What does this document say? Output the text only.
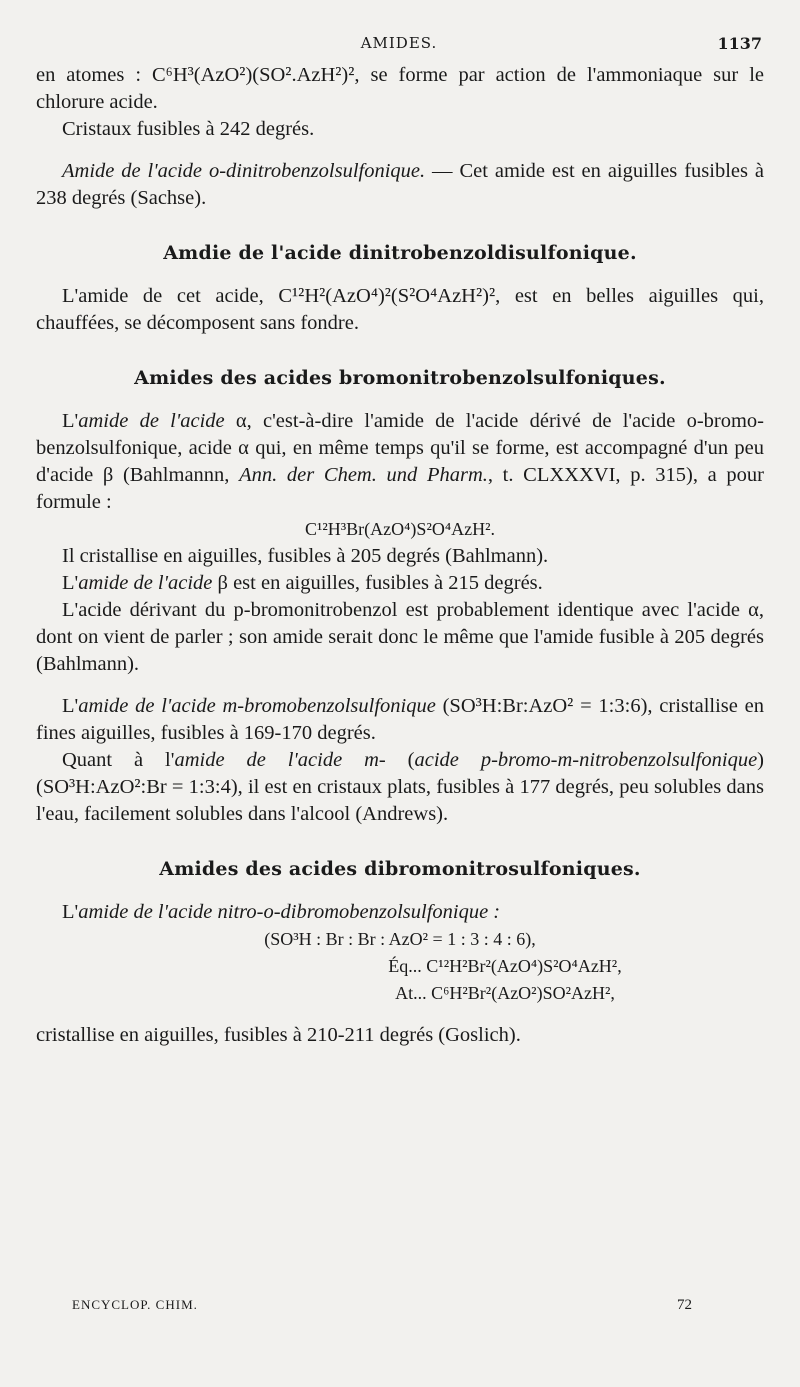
AMIDES.	1137

en atomes : C⁶H³(AzO²)(SO².AzH²)², se forme par action de l'ammoniaque sur le chlorure acide.

Cristaux fusibles à 242 degrés.

Amide de l'acide o-dinitrobenzolsulfonique. — Cet amide est en aiguilles fusibles à 238 degrés (Sachse).

Amdie de l'acide dinitrobenzoldisulfonique.

L'amide de cet acide, C¹²H²(AzO⁴)²(S²O⁴AzH²)², est en belles aiguilles qui, chauffées, se décomposent sans fondre.

Amides des acides bromonitrobenzolsulfoniques.

L'amide de l'acide α, c'est-à-dire l'amide de l'acide dérivé de l'acide o-bromo-benzolsulfonique, acide α qui, en même temps qu'il se forme, est accompagné d'un peu d'acide β (Bahlmannn, Ann. der Chem. und Pharm., t. CLXXXVI, p. 315), a pour formule :

C¹²H³Br(AzO⁴)S²O⁴AzH².

Il cristallise en aiguilles, fusibles à 205 degrés (Bahlmann).

L'amide de l'acide β est en aiguilles, fusibles à 215 degrés.

L'acide dérivant du p-bromonitrobenzol est probablement identique avec l'acide α, dont on vient de parler ; son amide serait donc le même que l'amide fusible à 205 degrés (Bahlmann).

L'amide de l'acide m-bromobenzolsulfonique (SO³H:Br:AzO² = 1:3:6), cristallise en fines aiguilles, fusibles à 169-170 degrés.

Quant à l'amide de l'acide m- (acide p-bromo-m-nitrobenzolsulfonique) (SO³H:AzO²:Br = 1:3:4), il est en cristaux plats, fusibles à 177 degrés, peu solubles dans l'eau, facilement solubles dans l'alcool (Andrews).

Amides des acides dibromonitrosulfoniques.

L'amide de l'acide nitro-o-dibromobenzolsulfonique :

(SO³H : Br : Br : AzO² = 1 : 3 : 4 : 6),

Éq... C¹²H²Br²(AzO⁴)S²O⁴AzH²,

At... C⁶H²Br²(AzO²)SO²AzH²,

cristallise en aiguilles, fusibles à 210-211 degrés (Goslich).

ENCYCLOP. CHIM.	72
